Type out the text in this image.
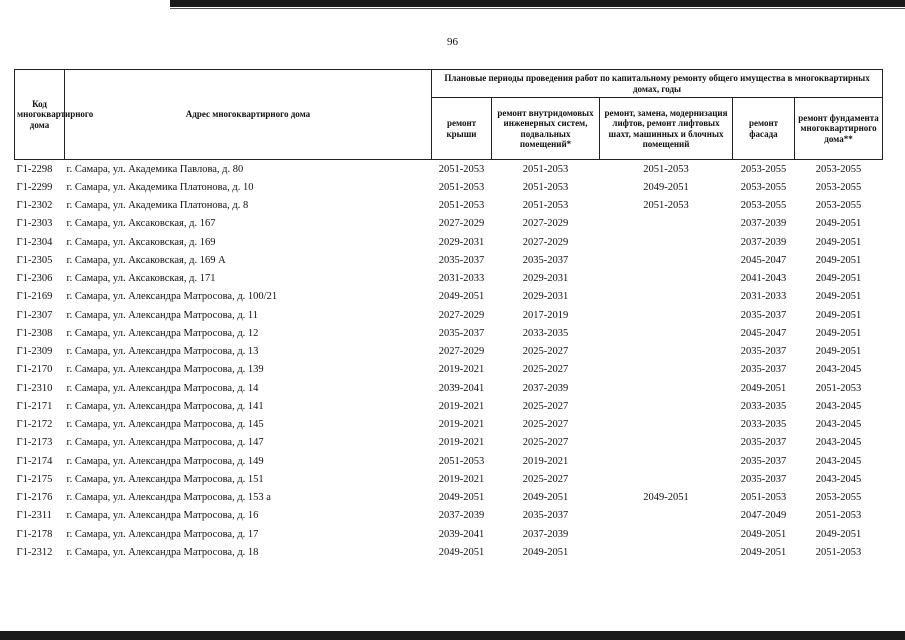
96
Код многоквартирного дома	Адрес многоквартирного дома	Плановые периоды проведения работ по капитальному ремонту общего имущества в многоквартирных домах, годы				
		ремонт крыши	ремонт внутридомовых инженерных систем, подвальных помещений*	ремонт, замена, модернизация лифтов, ремонт лифтовых шахт, машинных и блочных помещений	ремонт фасада	ремонт фундамента многоквартирного дома**
Г1-2298	г. Самара, ул. Академика Павлова, д. 80	2051-2053	2051-2053	2051-2053	2053-2055	2053-2055
Г1-2299	г. Самара, ул. Академика Платонова, д. 10	2051-2053	2051-2053	2049-2051	2053-2055	2053-2055
Г1-2302	г. Самара, ул. Академика Платонова, д. 8	2051-2053	2051-2053	2051-2053	2053-2055	2053-2055
Г1-2303	г. Самара, ул. Аксаковская, д. 167	2027-2029	2027-2029		2037-2039	2049-2051
Г1-2304	г. Самара, ул. Аксаковская, д. 169	2029-2031	2027-2029		2037-2039	2049-2051
Г1-2305	г. Самара, ул. Аксаковская, д. 169 А	2035-2037	2035-2037		2045-2047	2049-2051
Г1-2306	г. Самара, ул. Аксаковская, д. 171	2031-2033	2029-2031		2041-2043	2049-2051
Г1-2169	г. Самара, ул. Александра Матросова, д. 100/21	2049-2051	2029-2031		2031-2033	2049-2051
Г1-2307	г. Самара, ул. Александра Матросова, д. 11	2027-2029	2017-2019		2035-2037	2049-2051
Г1-2308	г. Самара, ул. Александра Матросова, д. 12	2035-2037	2033-2035		2045-2047	2049-2051
Г1-2309	г. Самара, ул. Александра Матросова, д. 13	2027-2029	2025-2027		2035-2037	2049-2051
Г1-2170	г. Самара, ул. Александра Матросова, д. 139	2019-2021	2025-2027		2035-2037	2043-2045
Г1-2310	г. Самара, ул. Александра Матросова, д. 14	2039-2041	2037-2039		2049-2051	2051-2053
Г1-2171	г. Самара, ул. Александра Матросова, д. 141	2019-2021	2025-2027		2033-2035	2043-2045
Г1-2172	г. Самара, ул. Александра Матросова, д. 145	2019-2021	2025-2027		2033-2035	2043-2045
Г1-2173	г. Самара, ул. Александра Матросова, д. 147	2019-2021	2025-2027		2035-2037	2043-2045
Г1-2174	г. Самара, ул. Александра Матросова, д. 149	2051-2053	2019-2021		2035-2037	2043-2045
Г1-2175	г. Самара, ул. Александра Матросова, д. 151	2019-2021	2025-2027		2035-2037	2043-2045
Г1-2176	г. Самара, ул. Александра Матросова, д. 153 а	2049-2051	2049-2051	2049-2051	2051-2053	2053-2055
Г1-2311	г. Самара, ул. Александра Матросова, д. 16	2037-2039	2035-2037		2047-2049	2051-2053
Г1-2178	г. Самара, ул. Александра Матросова, д. 17	2039-2041	2037-2039		2049-2051	2049-2051
Г1-2312	г. Самара, ул. Александра Матросова, д. 18	2049-2051	2049-2051		2049-2051	2051-2053
